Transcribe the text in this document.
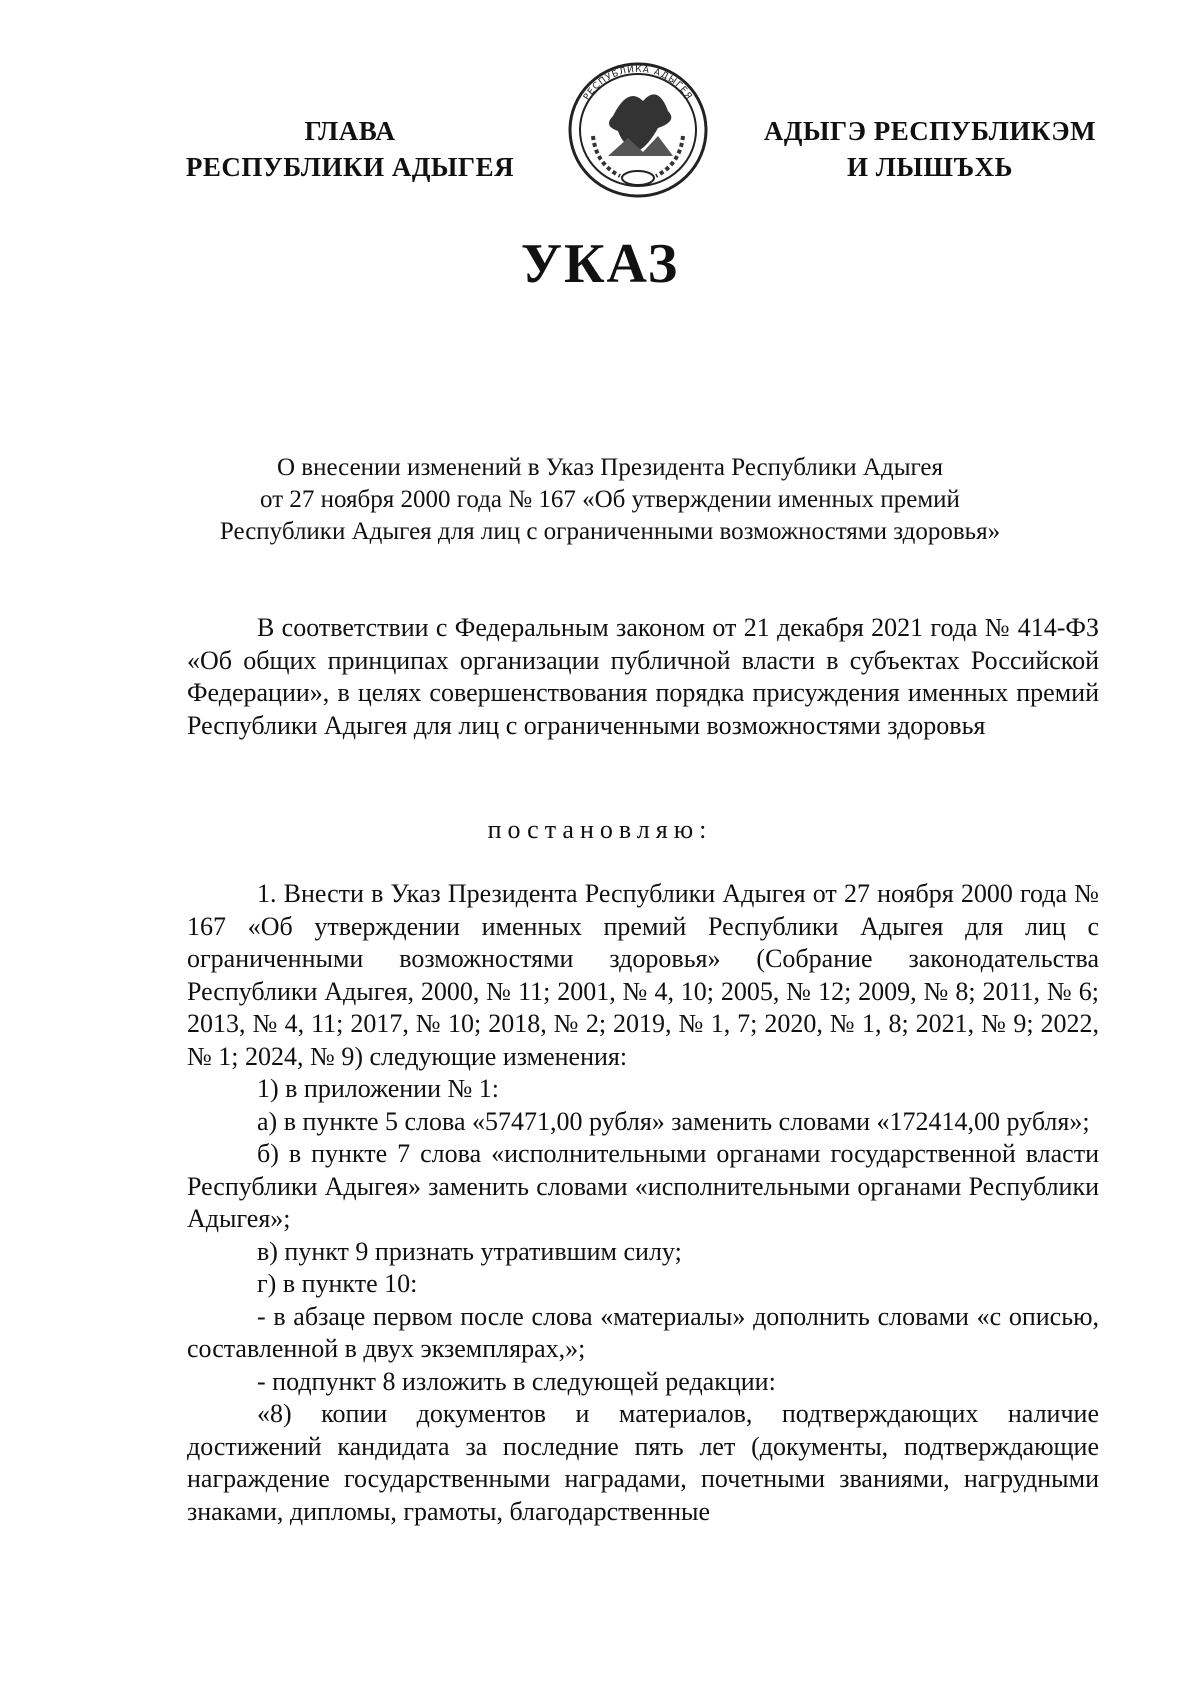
ГЛАВА
РЕСПУБЛИКИ АДЫГЕЯ
РЕСПУБЛИКА АДЫГЕЯ
АДЫГЭ РЕСПУБЛИКЭМ
И ЛЫШЪХЬ
УКАЗ
О внесении изменений в Указ Президента Республики Адыгея
от 27 ноября 2000 года № 167 «Об утверждении именных премий
Республики Адыгея для лиц с ограниченными возможностями здоровья»
В соответствии с Федеральным законом от 21 декабря 2021 года № 414-ФЗ «Об общих принципах организации публичной власти в субъектах Российской Федерации», в целях совершенствования порядка присуждения именных премий Республики Адыгея для лиц с ограниченными возможностями здоровья
постановляю:

1. Внести в Указ Президента Республики Адыгея от 27 ноября 2000 года № 167 «Об утверждении именных премий Республики Адыгея для лиц с ограниченными возможностями здоровья» (Собрание законодательства Республики Адыгея, 2000, № 11; 2001, № 4, 10; 2005, № 12; 2009, № 8; 2011, № 6; 2013, № 4, 11; 2017, № 10; 2018, № 2; 2019, № 1, 7; 2020, № 1, 8; 2021, № 9; 2022, № 1; 2024, № 9) следующие изменения:

1) в приложении № 1:

а) в пункте 5 слова «57471,00 рубля» заменить словами «172414,00 рубля»;

б) в пункте 7 слова «исполнительными органами государственной власти Республики Адыгея» заменить словами «исполнительными органами Республики Адыгея»;

в) пункт 9 признать утратившим силу;

г) в пункте 10:

- в абзаце первом после слова «материалы» дополнить словами «с описью, составленной в двух экземплярах,»;

- подпункт 8 изложить в следующей редакции:

«8) копии документов и материалов, подтверждающих наличие достижений кандидата за последние пять лет (документы, подтверждающие награждение государственными наградами, почетными званиями, нагрудными знаками, дипломы, грамоты, благодарственные
